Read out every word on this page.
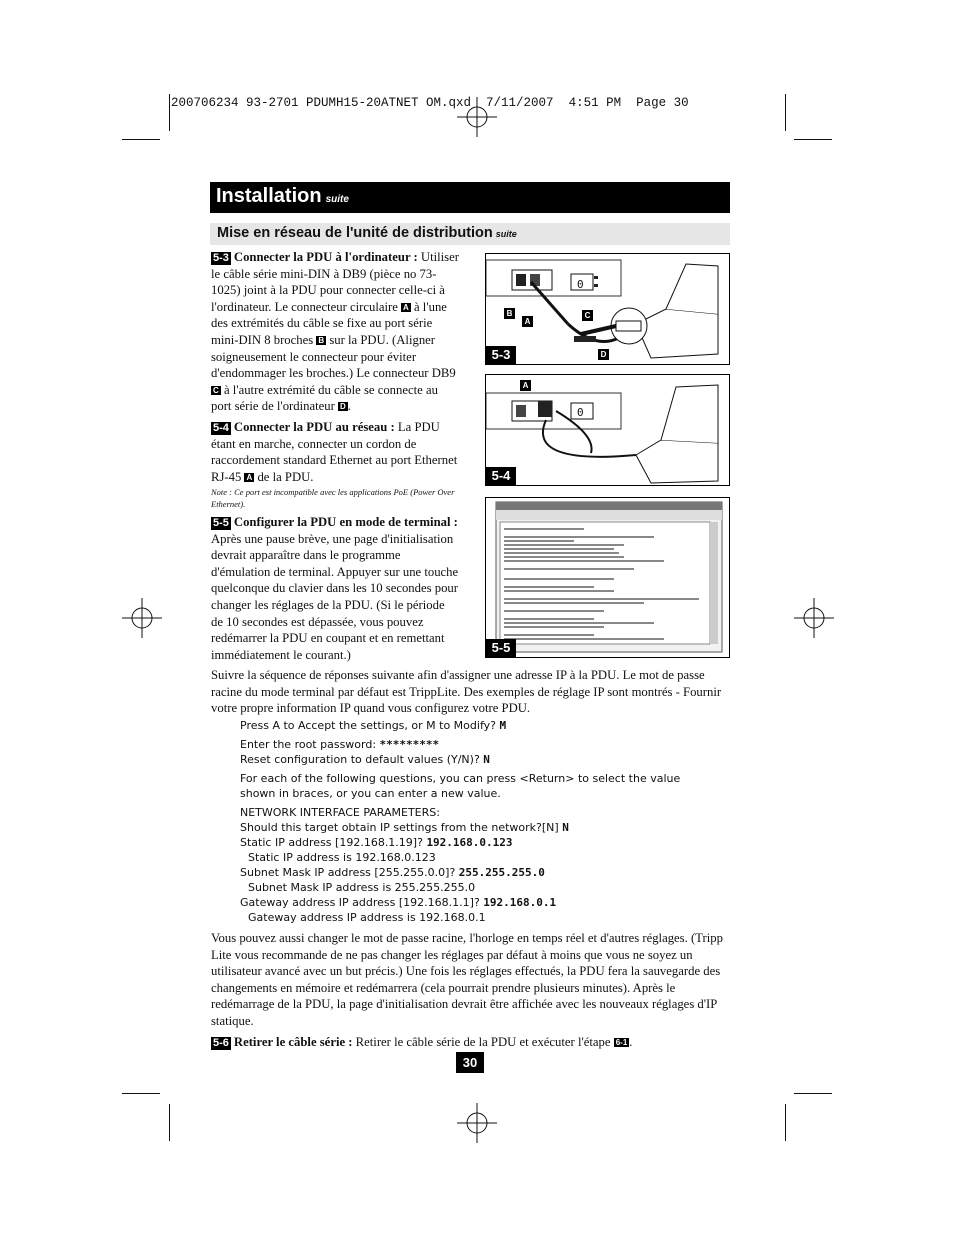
200706234 93-2701 PDUMH15-20ATNET OM.qxd  7/11/2007  4:51 PM  Page 30
Installation suite
Mise en réseau de l'unité de distribution suite
5-3 Connecter la PDU à l'ordinateur : Utiliser le câble série mini-DIN à DB9 (pièce no 73-1025) joint à la PDU pour connecter celle-ci à l'ordinateur. Le connecteur circulaire A à l'une des extrémités du câble se fixe au port série mini-DIN 8 broches B sur la PDU. (Aligner soigneusement le connecteur pour éviter d'endommager les broches.) Le connecteur DB9 C à l'autre extrémité du câble se connecte au port série de l'ordinateur D .
5-4 Connecter la PDU au réseau : La PDU étant en marche, connecter un cordon de raccordement standard Ethernet au port Ethernet RJ-45 A de la PDU.
Note : Ce port est incompatible avec les applications PoE (Power Over Ethernet).
5-5 Configurer la PDU en mode de terminal : Après une pause brève, une page d'initialisation devrait apparaître dans le programme d'émulation de terminal. Appuyer sur une touche quelconque du clavier dans les 10 secondes pour changer les réglages de la PDU. (Si le période de 10 secondes est dépassée, vous pouvez redémarrer la PDU en coupant et en remettant immédiatement le courant.)
B
A
C
D
0
5-3
A
0
5-4
5-5
Suivre la séquence de réponses suivante afin d'assigner une adresse IP à la PDU. Le mot de passe racine du mode terminal par défaut est TrippLite. Des exemples de réglage IP sont montrés - Fournir votre propre information IP quand vous configurez votre PDU.
Press A to Accept the settings, or M to Modify? M
Enter the root password: *********
Reset configuration to default values (Y/N)? N
For each of the following questions, you can press <Return> to select the value shown in braces, or you can enter a new value.
NETWORK INTERFACE PARAMETERS:
Should this target obtain IP settings from the network?[N] N
Static IP address [192.168.1.19]? 192.168.0.123
Static IP address is 192.168.0.123
Subnet Mask IP address [255.255.0.0]? 255.255.255.0
Subnet Mask IP address is 255.255.255.0
Gateway address IP address [192.168.1.1]? 192.168.0.1
Gateway address IP address is 192.168.0.1
Vous pouvez aussi changer le mot de passe racine, l'horloge en temps réel et d'autres réglages. (Tripp Lite vous recommande de ne pas changer les réglages par défaut à moins que vous ne soyez un utilisateur avancé avec un but précis.) Une fois les réglages effectués, la PDU fera la sauvegarde des changements en mémoire et redémarrera (cela pourrait prendre plusieurs minutes). Après le redémarrage de la PDU, la page d'initialisation devrait être affichée avec les nouveaux réglages d'IP statique.
5-6 Retirer le câble série : Retirer le câble série de la PDU et exécuter l'étape 6-1 .
30
